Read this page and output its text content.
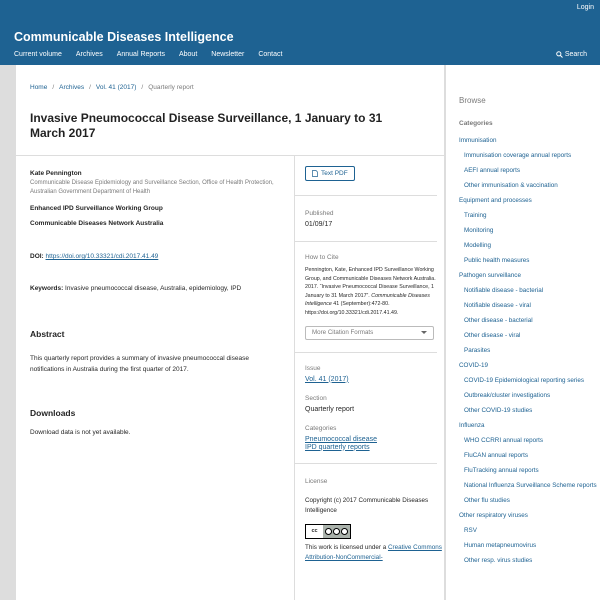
Login
Communicable Diseases Intelligence
Current volume Archives Annual Reports About Newsletter Contact	Search
Home / Archives / Vol. 41 (2017) / Quarterly report
Invasive Pneumococcal Disease Surveillance, 1 January to 31 March 2017
Kate Pennington
Communicable Disease Epidemiology and Surveillance Section, Office of Health Protection, Australian Government Department of Health
Enhanced IPD Surveillance Working Group
Communicable Diseases Network Australia
DOI: https://doi.org/10.33321/cdi.2017.41.49
Keywords: Invasive pneumococcal disease, Australia, epidemiology, IPD
Abstract
This quarterly report provides a summary of invasive pneumococcal disease notifications in Australia during the first quarter of 2017.
Downloads
Download data is not yet available.
Text PDF
Published
01/09/17
How to Cite
Pennington, Kate, Enhanced IPD Surveillance Working Group, and Communicable Diseases Network Australia. 2017. “Invasive Pneumococcal Disease Surveillance, 1 January to 31 March 2017”. Communicable Diseases Intelligence 41 (September):472-80. https://doi.org/10.33321/cdi.2017.41.49.
More Citation Formats
Issue
Vol. 41 (2017)
Section
Quarterly report
Categories
Pneumococcal disease
IPD quarterly reports
License
Copyright (c) 2017 Communicable Diseases Intelligence
cc
This work is licensed under a Creative Commons Attribution-NonCommercial-
Browse
Categories
Immunisation
Immunisation coverage annual reports
AEFI annual reports
Other immunisation & vaccination
Equipment and processes
Training
Monitoring
Modelling
Public health measures
Pathogen surveillance
Notifiable disease - bacterial
Notifiable disease - viral
Other disease - bacterial
Other disease - viral
Parasites
COVID-19
COVID-19 Epidemiological reporting series
Outbreak/cluster investigations
Other COVID-19 studies
Influenza
WHO CCRRI annual reports
FluCAN annual reports
FluTracking annual reports
National Influenza Surveillance Scheme reports
Other flu studies
Other respiratory viruses
RSV
Human metapneumovirus
Other resp. virus studies
